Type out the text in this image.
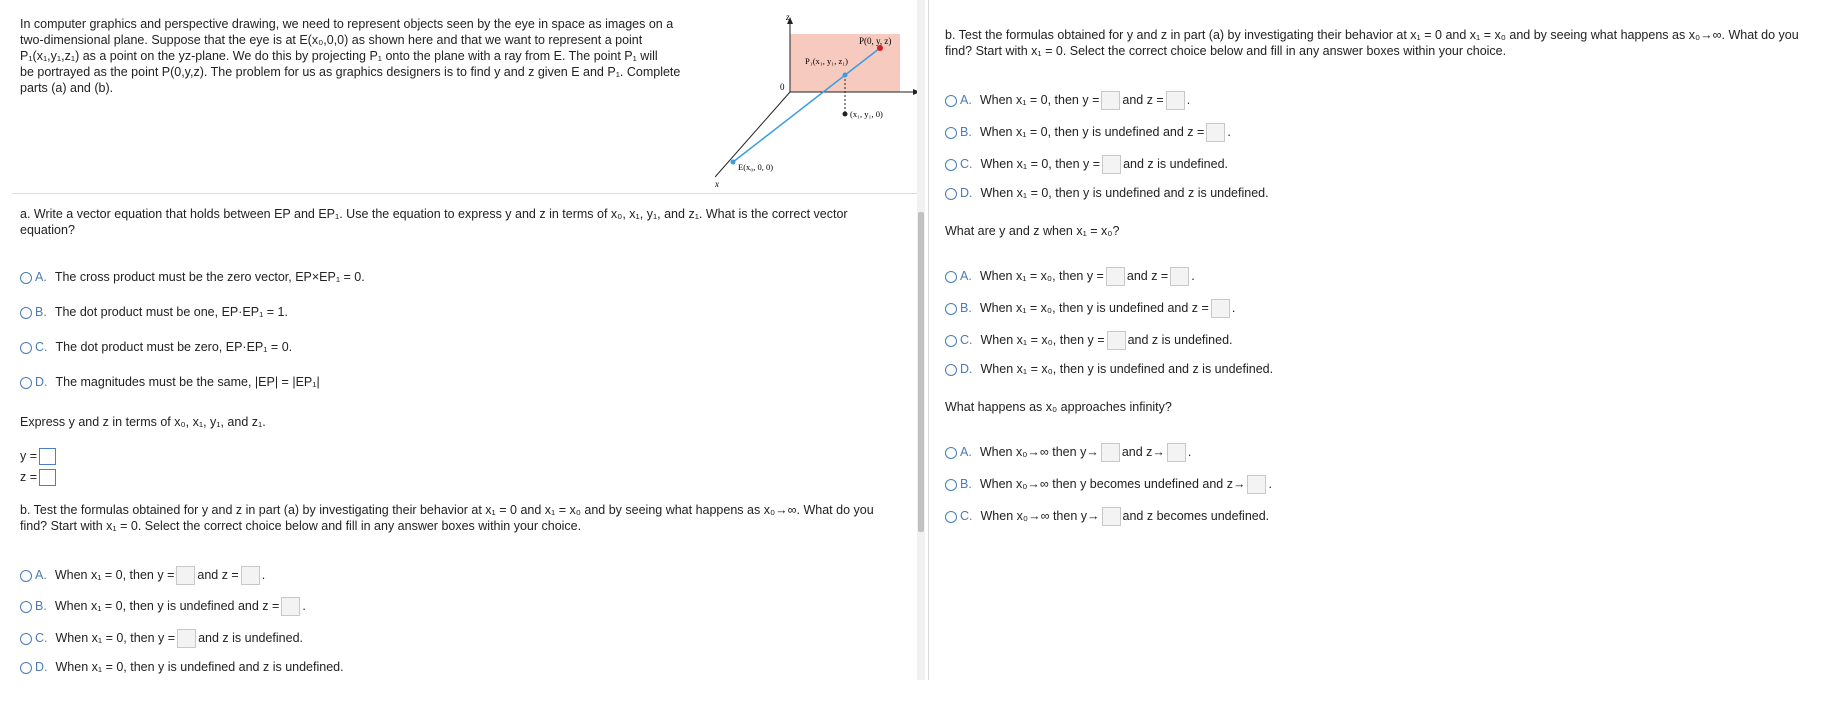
In computer graphics and perspective drawing, we need to represent objects seen by the eye in space as images on a

two-dimensional plane. Suppose that the eye is at E(x₀,0,0) as shown here and that we want to represent a point

P₁(x₁,y₁,z₁) as a point on the yz-plane. We do this by projecting P₁ onto the plane with a ray from E. The point P₁ will

be portrayed as the point P(0,y,z). The problem for us as graphics designers is to find y and z given E and P₁. Complete

parts (a) and (b).

z
x
0
P(0, y, z)
P₁(x₁, y₁, z₁)
(x₁, y₁, 0)
E(x₀, 0, 0)

a. Write a vector equation that holds between EP and EP₁. Use the equation to express y and z in terms of x₀, x₁, y₁, and z₁. What is the correct vector

equation?

A. The cross product must be the zero vector, EP×EP₁ = 0.
B. The dot product must be one, EP·EP₁ = 1.
C. The dot product must be zero, EP·EP₁ = 0.
D. The magnitudes must be the same, |EP| = |EP₁|
Express y and z in terms of x₀, x₁, y₁, and z₁.
y =
z =

b. Test the formulas obtained for y and z in part (a) by investigating their behavior at x₁ = 0 and x₁ = x₀ and by seeing what happens as x₀→∞. What do you

find? Start with x₁ = 0. Select the correct choice below and fill in any answer boxes within your choice.

A. When x₁ = 0, then y = and z = .
B. When x₁ = 0, then y is undefined and z = .
C. When x₁ = 0, then y = and z is undefined.
D. When x₁ = 0, then y is undefined and z is undefined.

b. Test the formulas obtained for y and z in part (a) by investigating their behavior at x₁ = 0 and x₁ = x₀ and by seeing what happens as x₀→∞. What do you

find? Start with x₁ = 0. Select the correct choice below and fill in any answer boxes within your choice.

A. When x₁ = 0, then y = and z = .
B. When x₁ = 0, then y is undefined and z = .
C. When x₁ = 0, then y = and z is undefined.
D. When x₁ = 0, then y is undefined and z is undefined.
What are y and z when x₁ = x₀?
A. When x₁ = x₀, then y = and z = .
B. When x₁ = x₀, then y is undefined and z = .
C. When x₁ = x₀, then y = and z is undefined.
D. When x₁ = x₀, then y is undefined and z is undefined.
What happens as x₀ approaches infinity?
A. When x₀→∞ then y→ and z→ .
B. When x₀→∞ then y becomes undefined and z→ .
C. When x₀→∞ then y→ and z becomes undefined.
